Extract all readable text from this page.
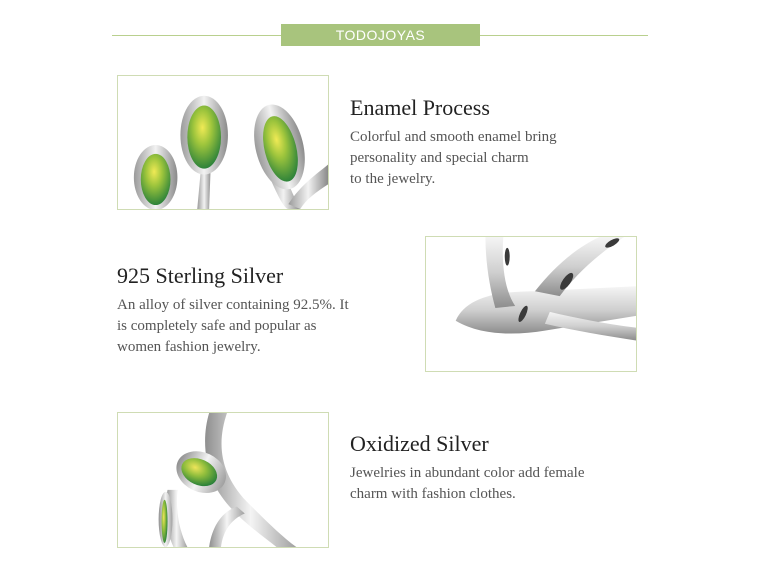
TODOJOYAS
Enamel Process
Colorful and smooth enamel bring
personality and special charm
to the jewelry.
925 Sterling Silver
An alloy of silver containing 92.5%. It
is completely safe and popular as
women fashion jewelry.
Oxidized Silver
Jewelries in abundant color add female
charm with fashion clothes.
